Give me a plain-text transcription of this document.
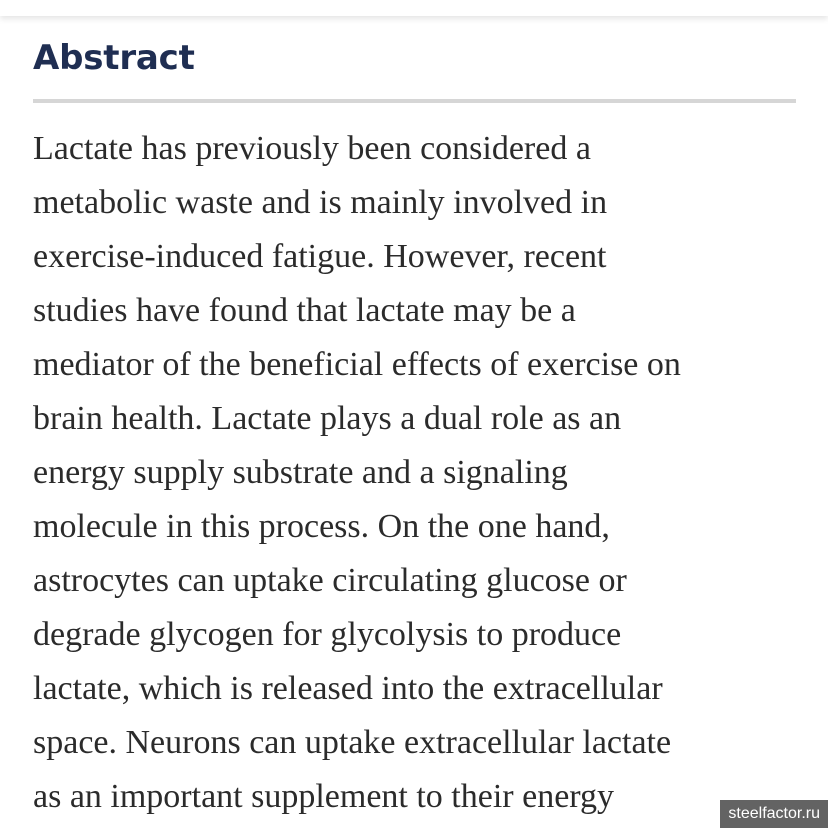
Abstract

Lactate has previously been considered a
metabolic waste and is mainly involved in
exercise-induced fatigue. However, recent
studies have found that lactate may be a
mediator of the beneficial effects of exercise on
brain health. Lactate plays a dual role as an
energy supply substrate and a signaling
molecule in this process. On the one hand,
astrocytes can uptake circulating glucose or
degrade glycogen for glycolysis to produce
lactate, which is released into the extracellular
space. Neurons can uptake extracellular lactate
as an important supplement to their energy	steelfactor.ru
